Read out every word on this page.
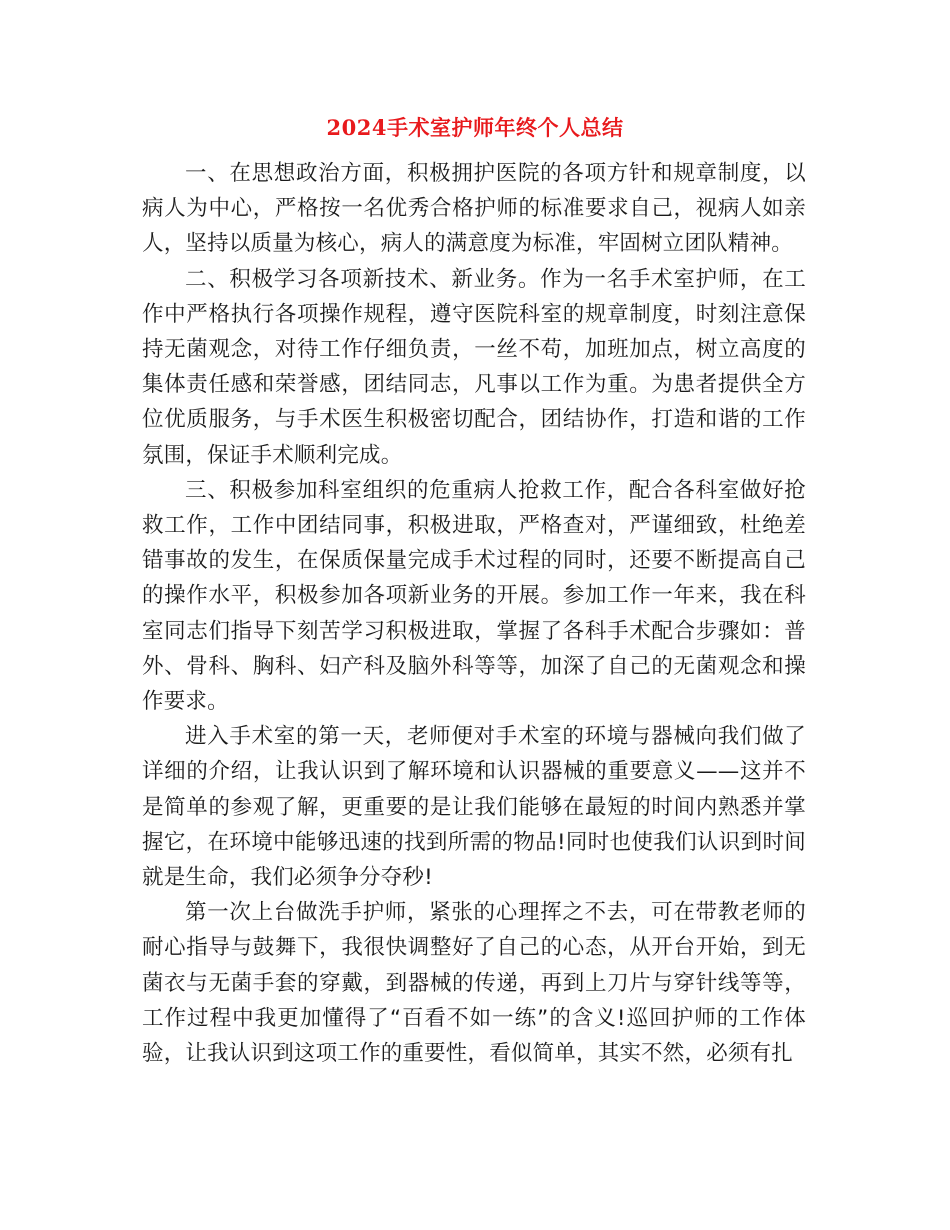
2024手术室护师年终个人总结

一、在思想政治方面，积极拥护医院的各项方针和规章制度，以病人为中心，严格按一名优秀合格护师的标准要求自己，视病人如亲人，坚持以质量为核心，病人的满意度为标准，牢固树立团队精神。

二、积极学习各项新技术、新业务。作为一名手术室护师，在工作中严格执行各项操作规程，遵守医院科室的规章制度，时刻注意保持无菌观念，对待工作仔细负责，一丝不苟，加班加点，树立高度的集体责任感和荣誉感，团结同志，凡事以工作为重。为患者提供全方位优质服务，与手术医生积极密切配合，团结协作，打造和谐的工作氛围，保证手术顺利完成。

三、积极参加科室组织的危重病人抢救工作，配合各科室做好抢救工作，工作中团结同事，积极进取，严格查对，严谨细致，杜绝差错事故的发生，在保质保量完成手术过程的同时，还要不断提高自己的操作水平，积极参加各项新业务的开展。参加工作一年来，我在科室同志们指导下刻苦学习积极进取，掌握了各科手术配合步骤如：普外、骨科、胸科、妇产科及脑外科等等，加深了自己的无菌观念和操作要求。

进入手术室的第一天，老师便对手术室的环境与器械向我们做了详细的介绍，让我认识到了解环境和认识器械的重要意义——这并不是简单的参观了解，更重要的是让我们能够在最短的时间内熟悉并掌握它，在环境中能够迅速的找到所需的物品!同时也使我们认识到时间就是生命，我们必须争分夺秒!

第一次上台做洗手护师，紧张的心理挥之不去，可在带教老师的耐心指导与鼓舞下，我很快调整好了自己的心态，从开台开始，到无菌衣与无菌手套的穿戴，到器械的传递，再到上刀片与穿针线等等，工作过程中我更加懂得了“百看不如一练”的含义!巡回护师的工作体验，让我认识到这项工作的重要性，看似简单，其实不然，必须有扎
